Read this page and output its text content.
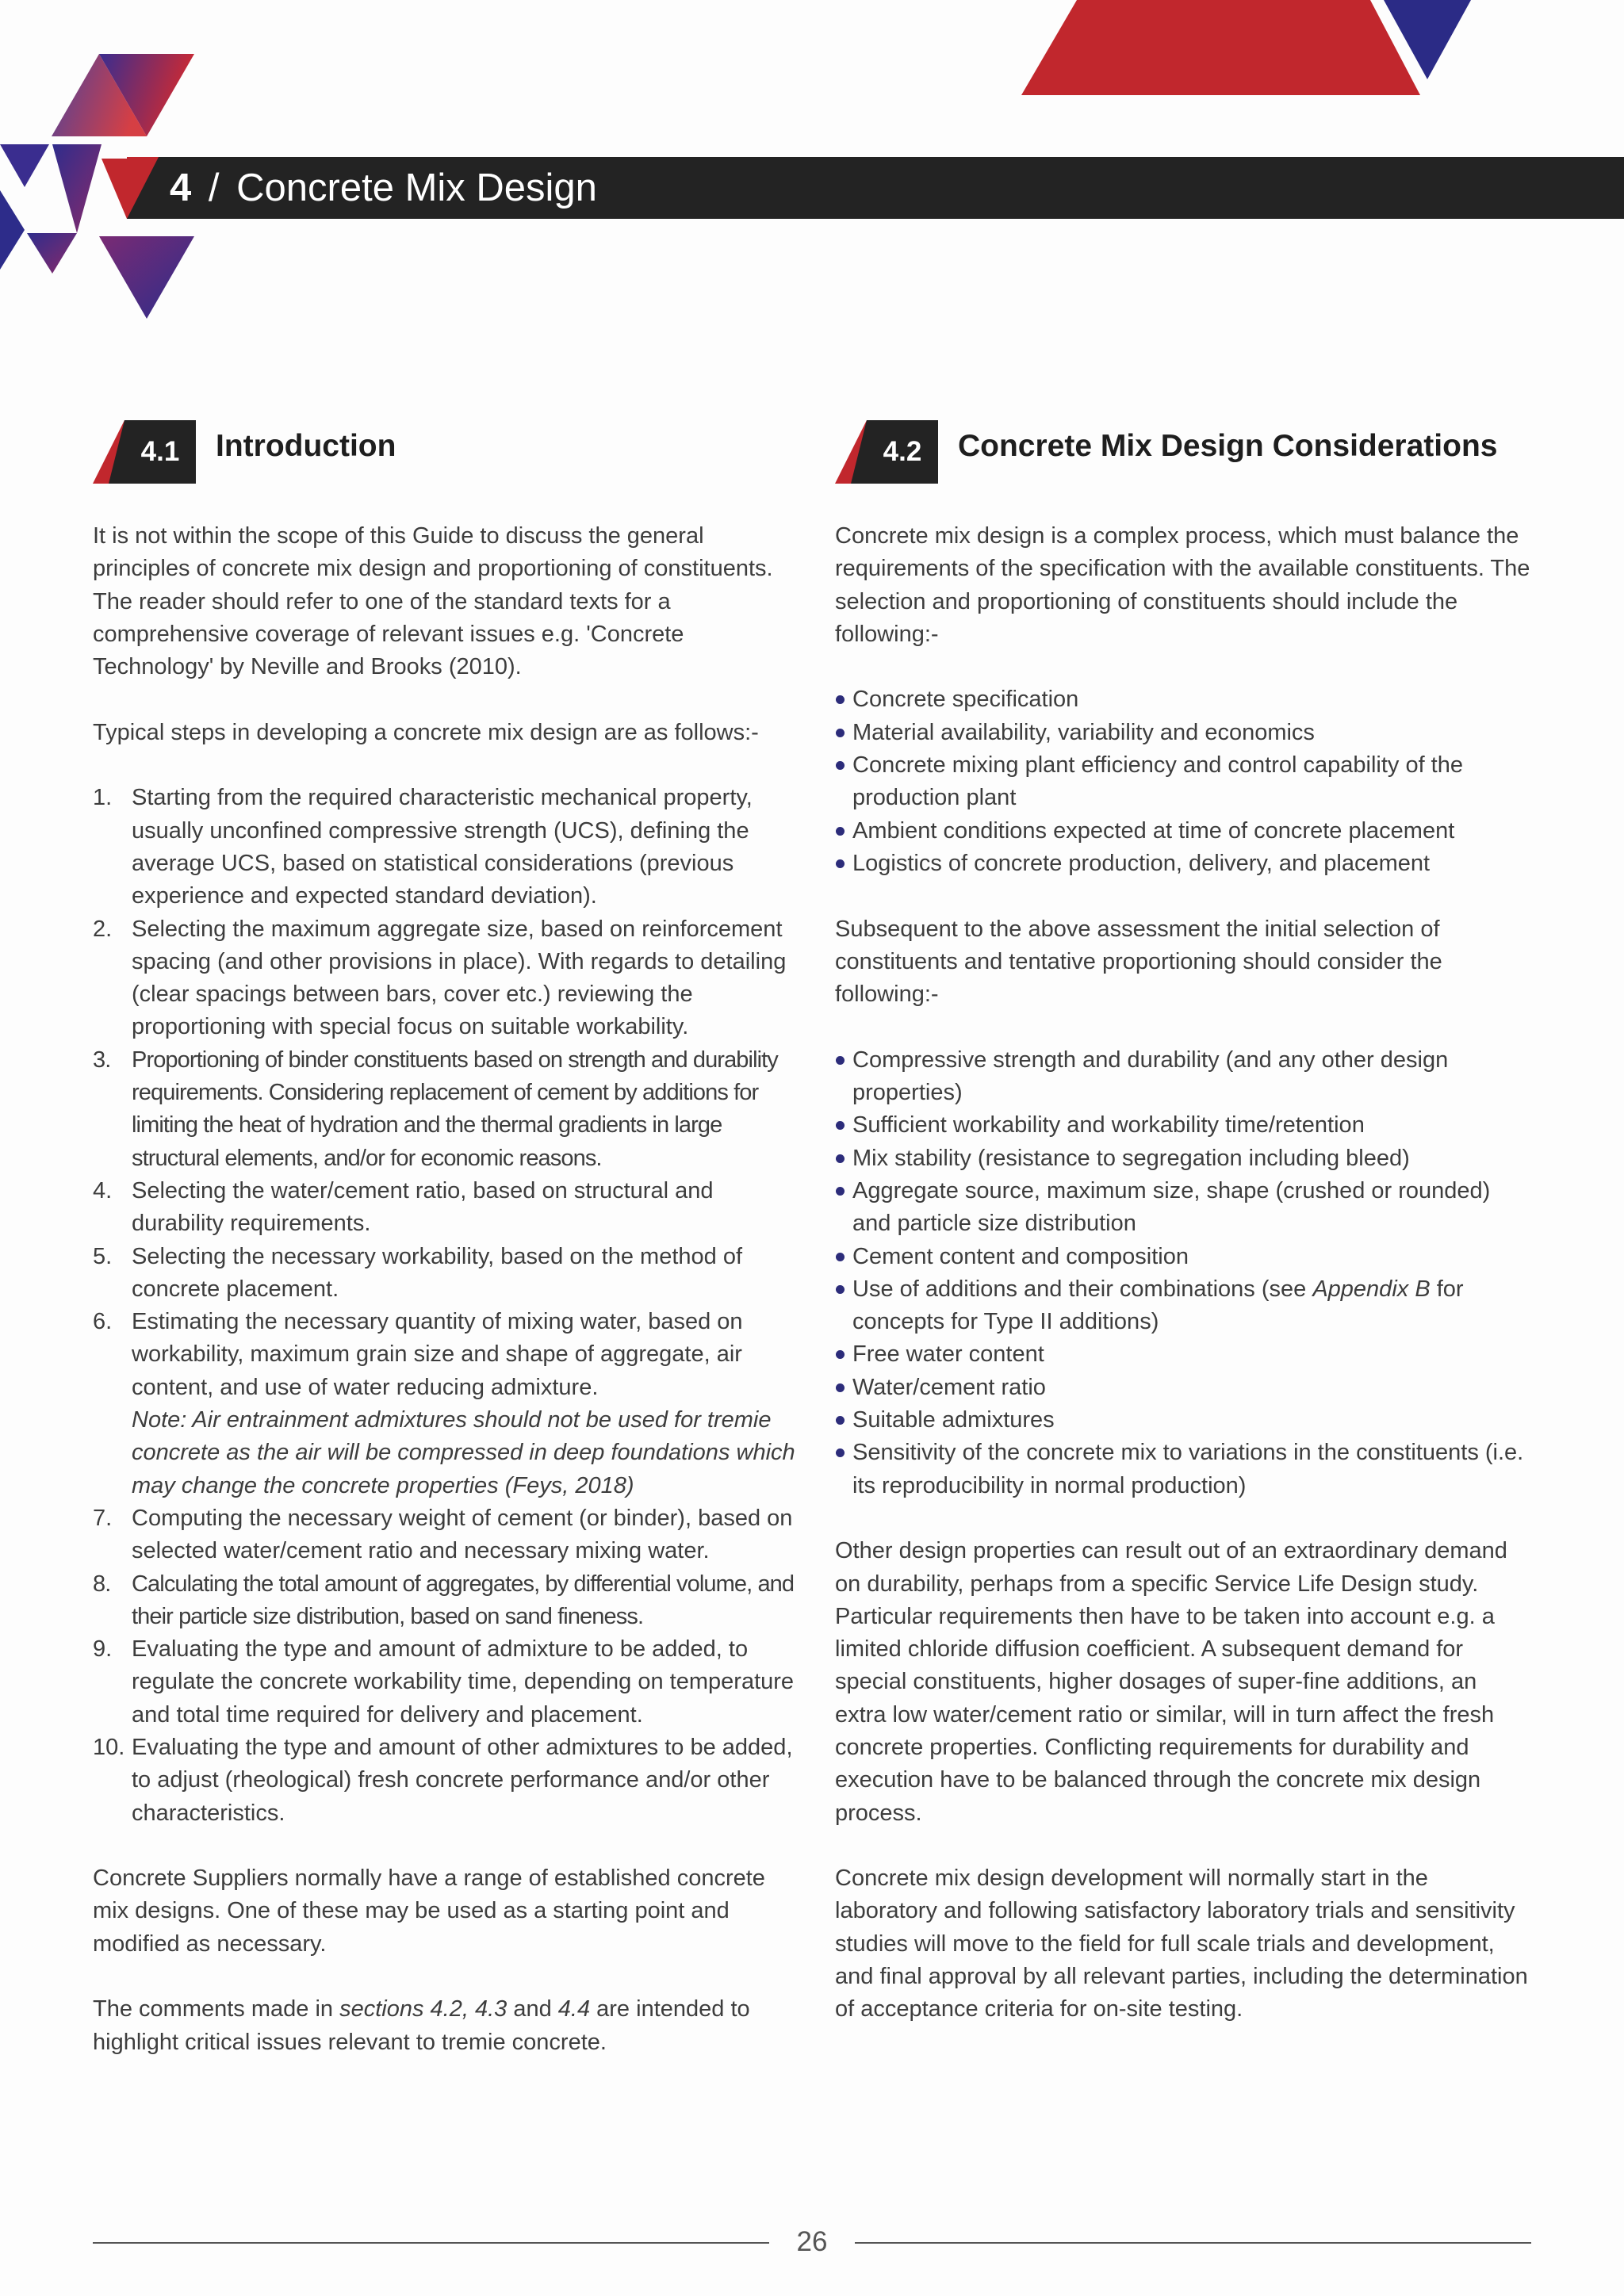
4 / Concrete Mix Design
4.1	Introduction

It is not within the scope of this Guide to discuss the general principles of concrete mix design and proportioning of constituents. The reader should refer to one of the standard texts for a comprehensive coverage of relevant issues e.g. 'Concrete Technology' by Neville and Brooks (2010).

Typical steps in developing a concrete mix design are as follows:-

1. Starting from the required characteristic mechanical property, usually unconfined compressive strength (UCS), defining the average UCS, based on statistical considerations (previous experience and expected standard deviation).
2. Selecting the maximum aggregate size, based on reinforcement spacing (and other provisions in place). With regards to detailing (clear spacings between bars, cover etc.) reviewing the proportioning with special focus on suitable workability.
3. Proportioning of binder constituents based on strength and durability requirements. Considering replacement of cement by additions for limiting the heat of hydration and the thermal gradients in large structural elements, and/or for economic reasons.
4. Selecting the water/cement ratio, based on structural and durability requirements.
5. Selecting the necessary workability, based on the method of concrete placement.
6. Estimating the necessary quantity of mixing water, based on workability, maximum grain size and shape of aggregate, air content, and use of water reducing admixture.
Note: Air entrainment admixtures should not be used for tremie concrete as the air will be compressed in deep foundations which may change the concrete properties (Feys, 2018)
7. Computing the necessary weight of cement (or binder), based on selected water/cement ratio and necessary mixing water.
8. Calculating the total amount of aggregates, by differential volume, and their particle size distribution, based on sand fineness.
9. Evaluating the type and amount of admixture to be added, to regulate the concrete workability time, depending on temperature and total time required for delivery and placement.
10. Evaluating the type and amount of other admixtures to be added, to adjust (rheological) fresh concrete performance and/or other characteristics.

Concrete Suppliers normally have a range of established concrete mix designs. One of these may be used as a starting point and modified as necessary.

The comments made in sections 4.2, 4.3 and 4.4 are intended to highlight critical issues relevant to tremie concrete.

4.2	Concrete Mix Design Considerations

Concrete mix design is a complex process, which must balance the requirements of the specification with the available constituents. The selection and proportioning of constituents should include the following:-

Concrete specification
Material availability, variability and economics
Concrete mixing plant efficiency and control capability of the production plant
Ambient conditions expected at time of concrete placement
Logistics of concrete production, delivery, and placement

Subsequent to the above assessment the initial selection of constituents and tentative proportioning should consider the following:-

Compressive strength and durability (and any other design properties)
Sufficient workability and workability time/retention
Mix stability (resistance to segregation including bleed)
Aggregate source, maximum size, shape (crushed or rounded) and particle size distribution
Cement content and composition
Use of additions and their combinations (see Appendix B for concepts for Type II additions)
Free water content
Water/cement ratio
Suitable admixtures
Sensitivity of the concrete mix to variations in the constituents (i.e. its reproducibility in normal production)

Other design properties can result out of an extraordinary demand on durability, perhaps from a specific Service Life Design study. Particular requirements then have to be taken into account e.g. a limited chloride diffusion coefficient. A subsequent demand for special constituents, higher dosages of super-fine additions, an extra low water/cement ratio or similar, will in turn affect the fresh concrete properties. Conflicting requirements for durability and execution have to be balanced through the concrete mix design process.

Concrete mix design development will normally start in the laboratory and following satisfactory laboratory trials and sensitivity studies will move to the field for full scale trials and development, and final approval by all relevant parties, including the determination of acceptance criteria for on-site testing.

26
